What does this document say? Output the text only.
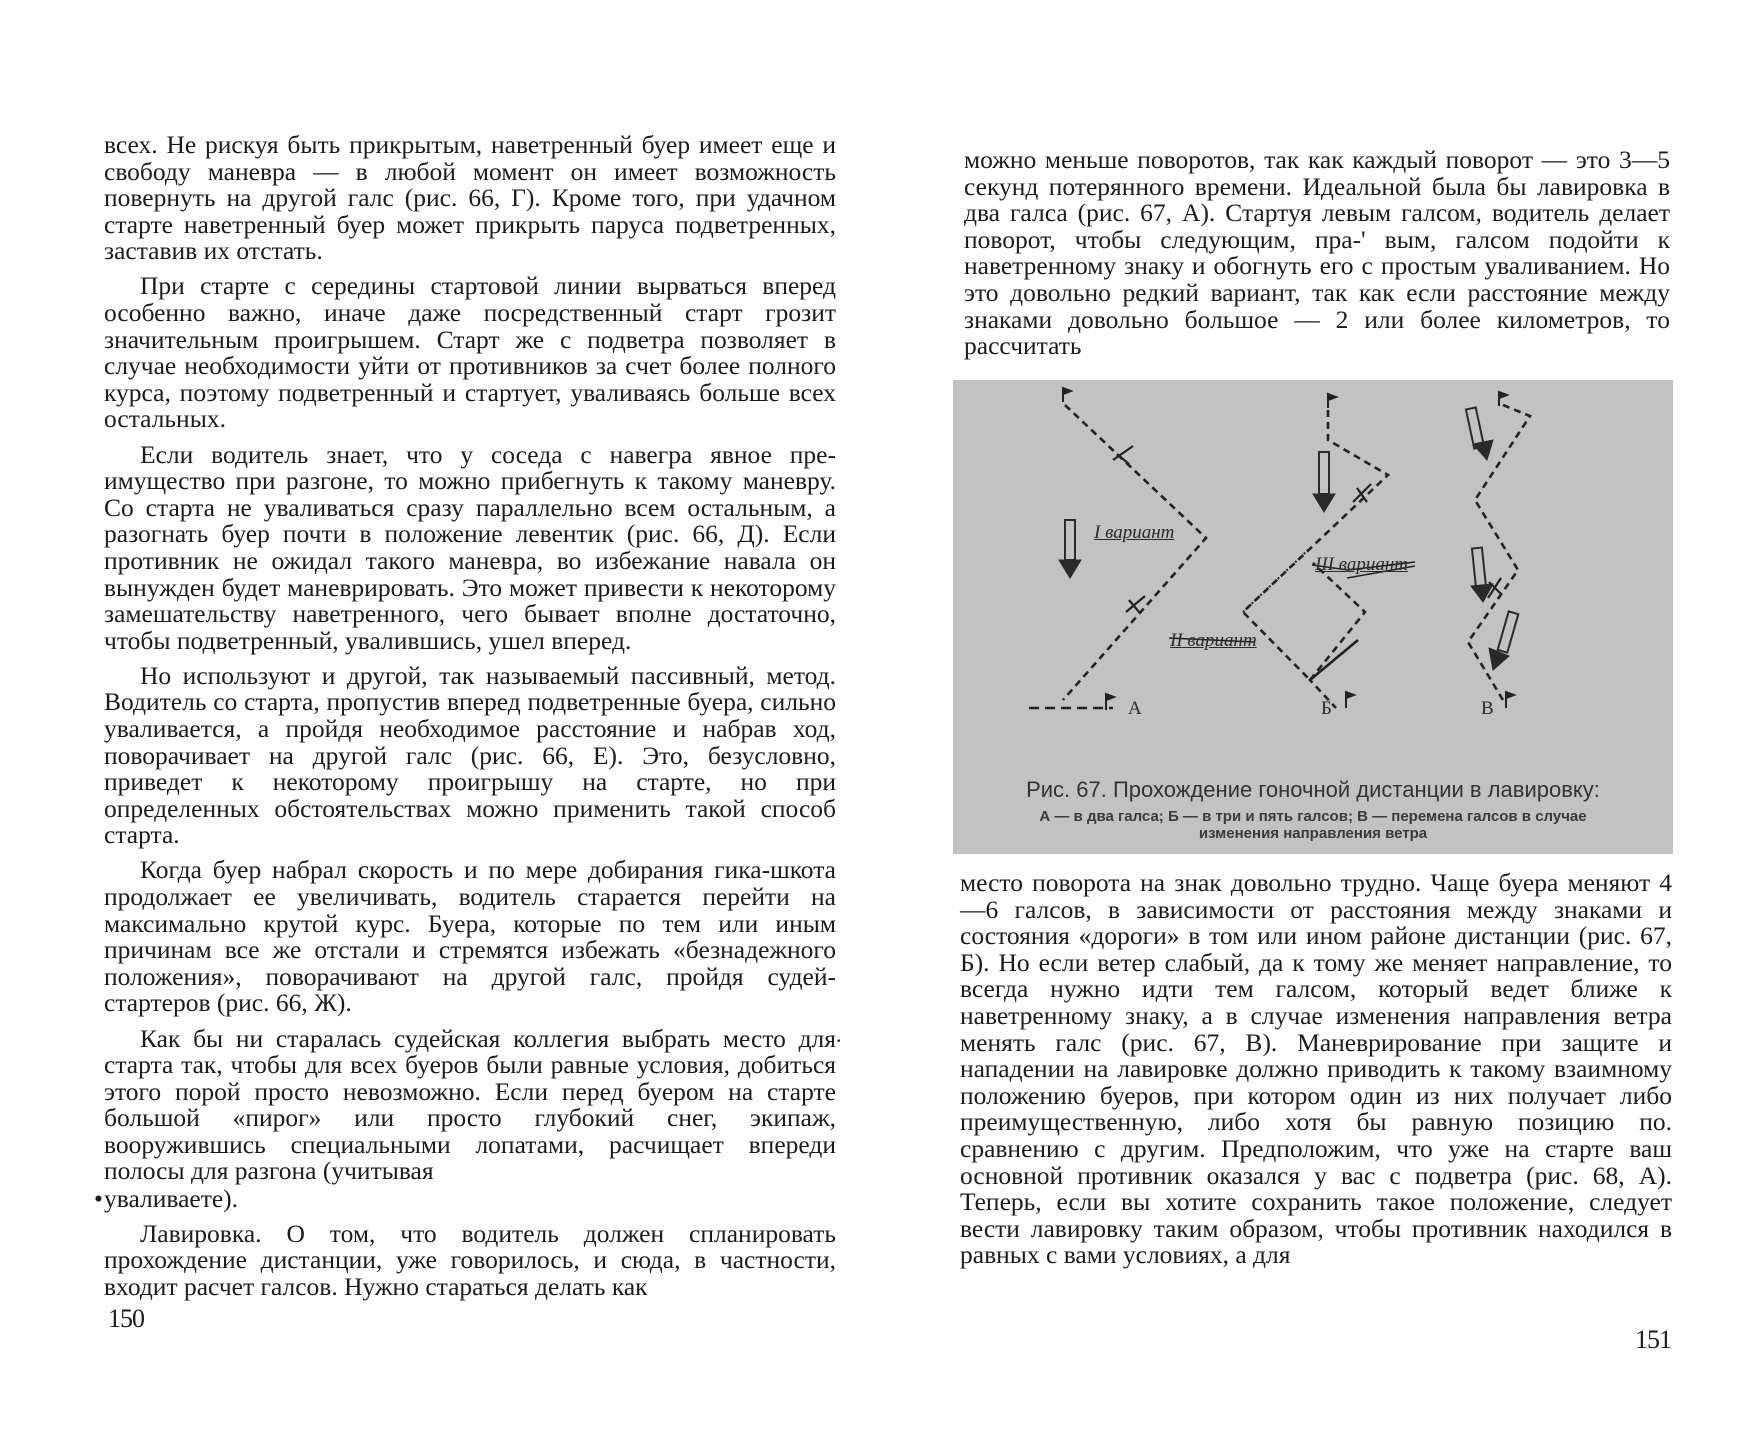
всех. Не рискуя быть прикрытым, наветренный буер имеет еще и свободу маневра — в любой момент он имеет возможность повернуть на другой галс (рис. 66, Г). Кроме того, при удачном старте наветренный буер может прикрыть паруса подветренных, заставив их отстать.

При старте с середины стартовой линии вырваться вперед особенно важно, иначе даже посредственный старт грозит значительным проигрышем. Старт же с подветра позволяет в случае необходимости уйти от противников за счет более полного курса, поэтому подветренный и стартует, уваливаясь больше всех остальных.

Если водитель знает, что у соседа с навегра явное преимущество при разгоне, то можно прибегнуть к такому маневру. Со старта не уваливаться сразу параллельно всем остальным, а разогнать буер почти в положение левентик (рис. 66, Д). Если противник не ожидал такого маневра, во избежание навала он вынужден будет маневрировать. Это может привести к некоторому замешательству наветренного, чего бывает вполне достаточно, чтобы подветренный, увалившись, ушел вперед.

Но используют и другой, так называемый пассивный, метод. Водитель со старта, пропустив вперед подветренные буера, сильно уваливается, а пройдя необходимое расстояние и набрав ход, поворачивает на другой галс (рис. 66, Е). Это, безусловно, приведет к некоторому проигрышу на старте, но при определенных обстоятельствах можно применить такой способ старта.

Когда буер набрал скорость и по мере добирания гика-шкота продолжает ее увеличивать, водитель старается перейти на максимально крутой курс. Буера, которые по тем или иным причинам все же отстали и стремятся избежать «безнадежного положения», поворачивают на другой галс, пройдя судей-стартеров (рис. 66, Ж).

Как бы ни старалась судейская коллегия выбрать место для старта так, чтобы для всех буеров были равные условия, добиться этого порой просто невозможно. Если перед буером на старте большой «пирог» или просто глубокий снег, экипаж, вооружившись специальными лопатами, расчищает впереди полосы для разгона (учитывая

• уваливаете).

Лавировка. О том, что водитель должен спланировать прохождение дистанции, уже говорилось, и сюда, в частности, входит расчет галсов. Нужно стараться делать как

.
150

можно меньше поворотов, так как каждый поворот — это 3—5 секунд потерянного времени. Идеальной была бы лавировка в два галса (рис. 67, А). Стартуя левым галсом, водитель делает поворот, чтобы следующим, пра-' вым, галсом подойти к наветренному знаку и обогнуть его с простым уваливанием. Но это довольно редкий вариант, так как если расстояние между знаками довольно большое — 2 или более километров, то рассчитать

I вариант
II вариант
III вариант
А	Б	В
Рис. 67. Прохождение гоночной дистанции в лавировку:
А — в два галса; Б — в три и пять галсов; В — перемена галсов в случае
изменения направления ветра

место поворота на знак довольно трудно. Чаще буера меняют 4—6 галсов, в зависимости от расстояния между знаками и состояния «дороги» в том или ином районе дистанции (рис. 67, Б). Но если ветер слабый, да к тому же меняет направление, то всегда нужно идти тем галсом, который ведет ближе к наветренному знаку, а в случае изменения направления ветра менять галс (рис. 67, В). Маневрирование при защите и нападении на лавировке должно приводить к такому взаимному положению буеров, при котором один из них получает либо преимущественную, либо хотя бы равную позицию по. сравнению с другим. Предположим, что уже на старте ваш основной противник оказался у вас с подветра (рис. 68, А). Теперь, если вы хотите сохранить такое положение, следует вести лавировку таким образом, чтобы противник находился в равных с вами условиях, а для

151
